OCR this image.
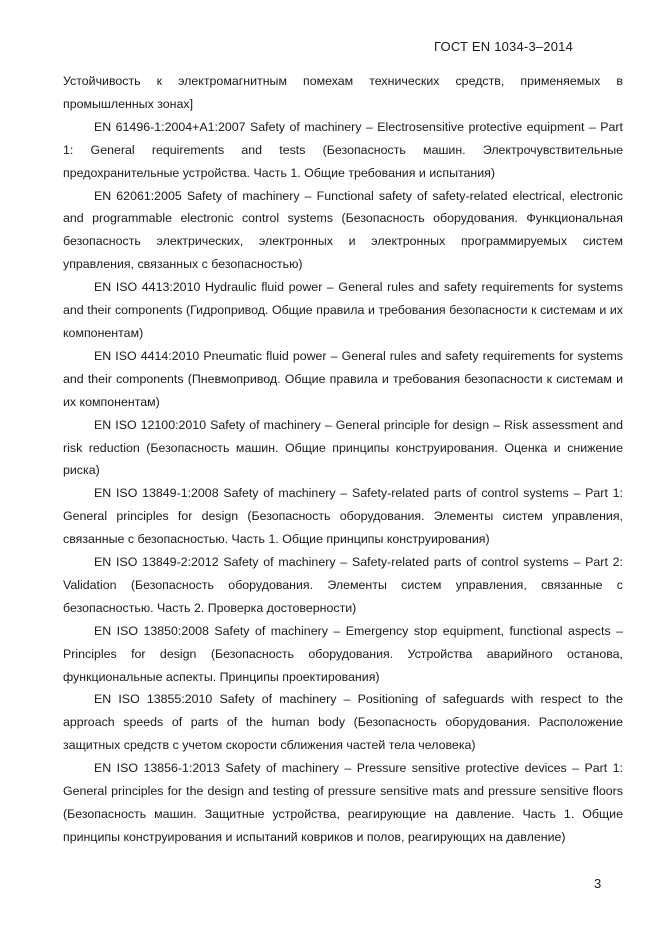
ГОСТ EN 1034-3–2014

Устойчивость к электромагнитным помехам технических средств, применяемых в промышленных зонах]

EN 61496-1:2004+A1:2007 Safety of machinery – Electrosensitive protective equipment – Part 1: General requirements and tests (Безопасность машин. Электрочувствительные предохранительные устройства. Часть 1. Общие требования и испытания)

EN 62061:2005 Safety of machinery – Functional safety of safety-related electrical, electronic and programmable electronic control systems (Безопасность оборудования. Функциональная безопасность электрических, электронных и электронных программируемых систем управления, связанных с безопасностью)

EN ISO 4413:2010 Hydraulic fluid power – General rules and safety requirements for systems and their components (Гидропривод. Общие правила и требования безопасности к системам и их компонентам)

EN ISO 4414:2010 Pneumatic fluid power – General rules and safety requirements for systems and their components (Пневмопривод. Общие правила и требования безопасности к системам и их компонентам)

EN ISO 12100:2010 Safety of machinery – General principle for design – Risk assessment and risk reduction (Безопасность машин. Общие принципы конструирования. Оценка и снижение риска)

EN ISO 13849-1:2008 Safety of machinery – Safety-related parts of control systems – Part 1: General principles for design (Безопасность оборудования. Элементы систем управления, связанные с безопасностью. Часть 1. Общие принципы конструирования)

EN ISO 13849-2:2012 Safety of machinery – Safety-related parts of control systems – Part 2: Validation (Безопасность оборудования. Элементы систем управления, связанные с безопасностью. Часть 2. Проверка достоверности)

EN ISO 13850:2008 Safety of machinery – Emergency stop equipment, functional aspects – Principles for design (Безопасность оборудования. Устройства аварийного останова, функциональные аспекты. Принципы проектирования)

EN ISO 13855:2010 Safety of machinery – Positioning of safeguards with respect to the approach speeds of parts of the human body (Безопасность оборудования. Расположение защитных средств с учетом скорости сближения частей тела человека)

EN ISO 13856-1:2013 Safety of machinery – Pressure sensitive protective devices – Part 1: General principles for the design and testing of pressure sensitive mats and pressure sensitive floors (Безопасность машин. Защитные устройства, реагирующие на давление. Часть 1. Общие принципы конструирования и испытаний ковриков и полов, реагирующих на давление)

3
